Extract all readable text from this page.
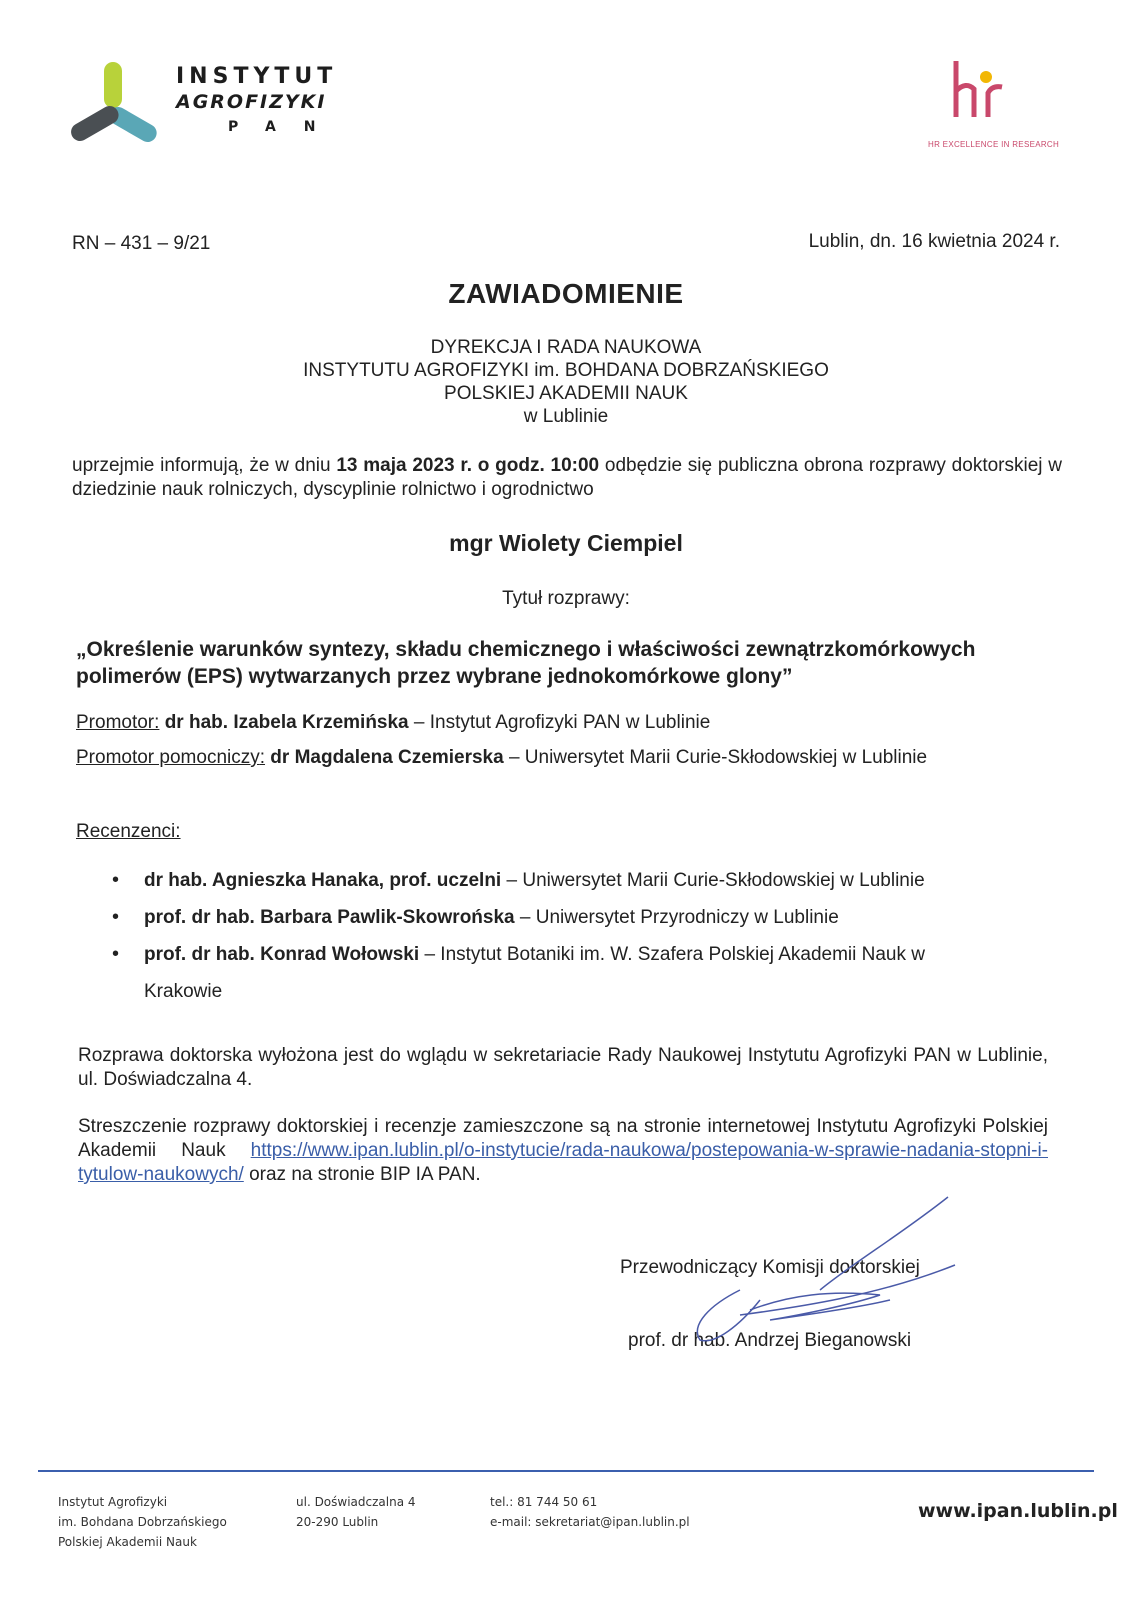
INSTYTUT
AGROFIZYKI
PAN
HR EXCELLENCE IN RESEARCH
RN – 431 – 9/21	Lublin, dn. 16 kwietnia 2024 r.
ZAWIADOMIENIE
DYREKCJA I RADA NAUKOWA
INSTYTUTU AGROFIZYKI im. BOHDANA DOBRZAŃSKIEGO
POLSKIEJ AKADEMII NAUK
w Lublinie
uprzejmie informują, że w dniu 13 maja 2023 r. o godz. 10:00 odbędzie się publiczna obrona rozprawy doktorskiej w dziedzinie nauk rolniczych, dyscyplinie rolnictwo i ogrodnictwo
mgr Wiolety Ciempiel
Tytuł rozprawy:
„Określenie warunków syntezy, składu chemicznego i właściwości zewnątrzkomórkowych polimerów (EPS) wytwarzanych przez wybrane jednokomórkowe glony”
Promotor: dr hab. Izabela Krzemińska – Instytut Agrofizyki PAN w Lublinie
Promotor pomocniczy: dr Magdalena Czemierska – Uniwersytet Marii Curie-Skłodowskiej w Lublinie
Recenzenci:
• dr hab. Agnieszka Hanaka, prof. uczelni – Uniwersytet Marii Curie-Skłodowskiej w Lublinie
• prof. dr hab. Barbara Pawlik-Skowrońska – Uniwersytet Przyrodniczy w Lublinie
• prof. dr hab. Konrad Wołowski – Instytut Botaniki im. W. Szafera Polskiej Akademii Nauk w Krakowie
Rozprawa doktorska wyłożona jest do wglądu w sekretariacie Rady Naukowej Instytutu Agrofizyki PAN w Lublinie, ul. Doświadczalna 4.
Streszczenie rozprawy doktorskiej i recenzje zamieszczone są na stronie internetowej Instytutu Agrofizyki Polskiej Akademii Nauk https://www.ipan.lublin.pl/o-instytucie/rada-naukowa/postepowania-w-sprawie-nadania-stopni-i-tytulow-naukowych/ oraz na stronie BIP IA PAN.
Przewodniczący Komisji doktorskiej
prof. dr hab. Andrzej Bieganowski
Instytut Agrofizyki
im. Bohdana Dobrzańskiego
Polskiej Akademii Nauk
ul. Doświadczalna 4
20-290 Lublin
tel.: 81 744 50 61
e-mail: sekretariat@ipan.lublin.pl	www.ipan.lublin.pl
